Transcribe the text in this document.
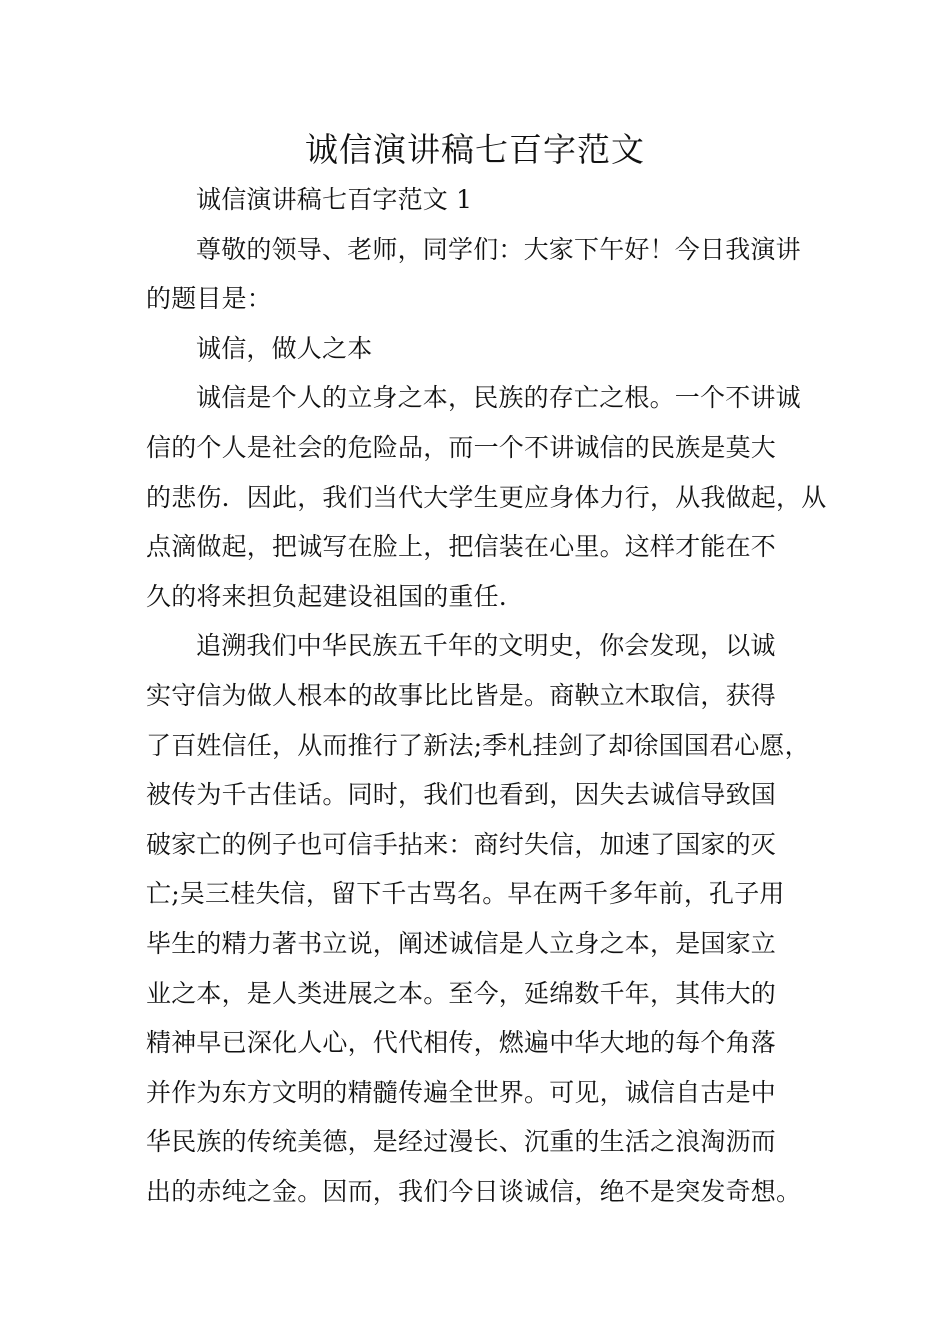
诚信演讲稿七百字范文
诚信演讲稿七百字范文 1
尊敬的领导、老师，同学们：大家下午好！今日我演讲
的题目是：
诚信，做人之本
诚信是个人的立身之本，民族的存亡之根。一个不讲诚
信的个人是社会的危险品，而一个不讲诚信的民族是莫大
的悲伤．因此，我们当代大学生更应身体力行，从我做起，从
点滴做起，把诚写在脸上，把信装在心里。这样才能在不
久的将来担负起建设祖国的重任.
追溯我们中华民族五千年的文明史，你会发现，以诚
实守信为做人根本的故事比比皆是。商鞅立木取信，获得
了百姓信任，从而推行了新法;季札挂剑了却徐国国君心愿，
被传为千古佳话。同时，我们也看到，因失去诚信导致国
破家亡的例子也可信手拈来：商纣失信，加速了国家的灭
亡;吴三桂失信，留下千古骂名。早在两千多年前，孔子用
毕生的精力著书立说，阐述诚信是人立身之本，是国家立
业之本，是人类进展之本。至今，延绵数千年，其伟大的
精神早已深化人心，代代相传，燃遍中华大地的每个角落
并作为东方文明的精髓传遍全世界。可见，诚信自古是中
华民族的传统美德，是经过漫长、沉重的生活之浪淘沥而
出的赤纯之金。因而，我们今日谈诚信，绝不是突发奇想。
